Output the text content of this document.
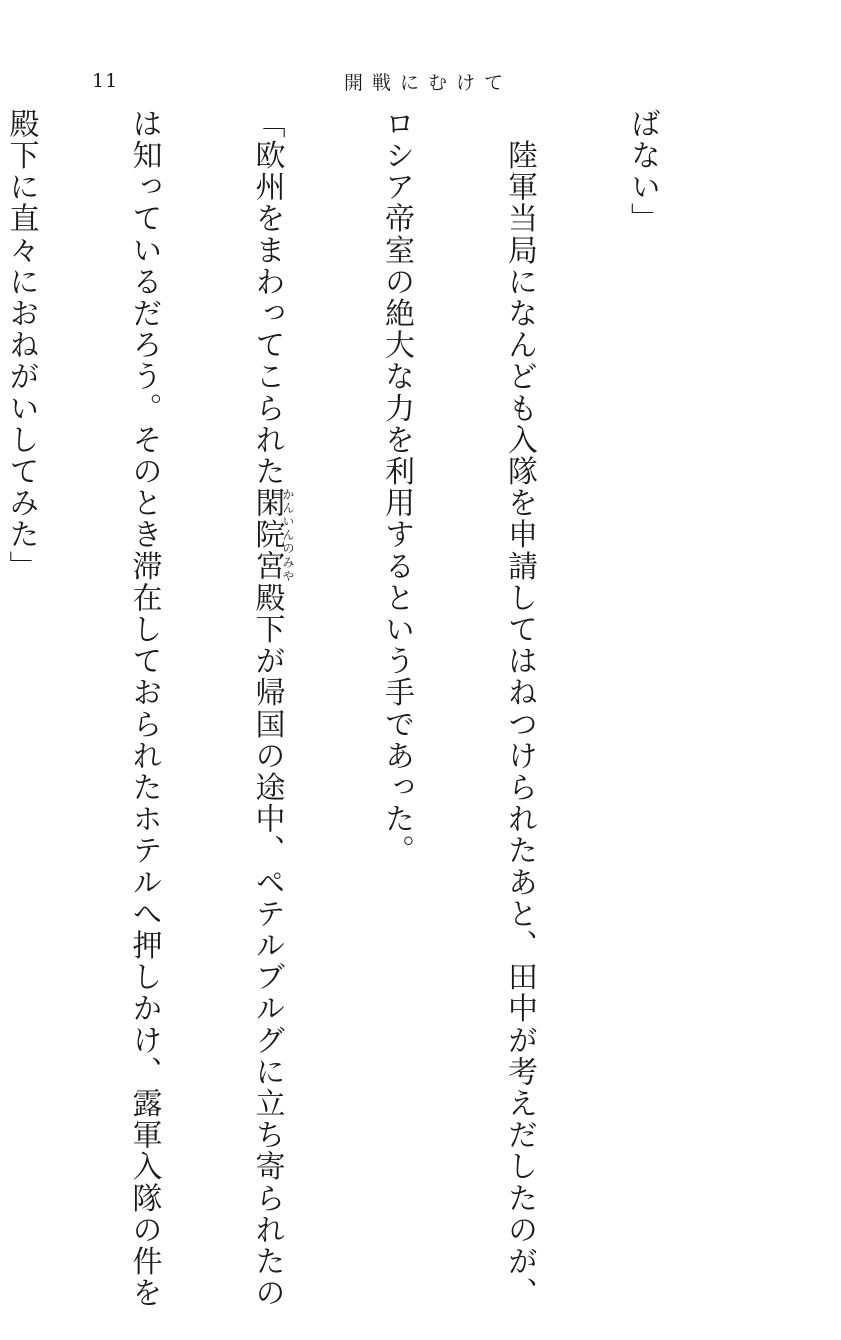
11	開戦にむけて

ばない」

　陸軍当局になんども入隊を申請してはねつけられたあと、田中が考えだしたのが、

ロシア帝室の絶大な力を利用するという手であった。

「欧州をまわってこられた閑院宮かんいんのみや殿下が帰国の途中、ペテルブルグに立ち寄られたの

は知っているだろう。そのとき滞在しておられたホテルへ押しかけ、露軍入隊の件を

殿下に直々におねがいしてみた」
